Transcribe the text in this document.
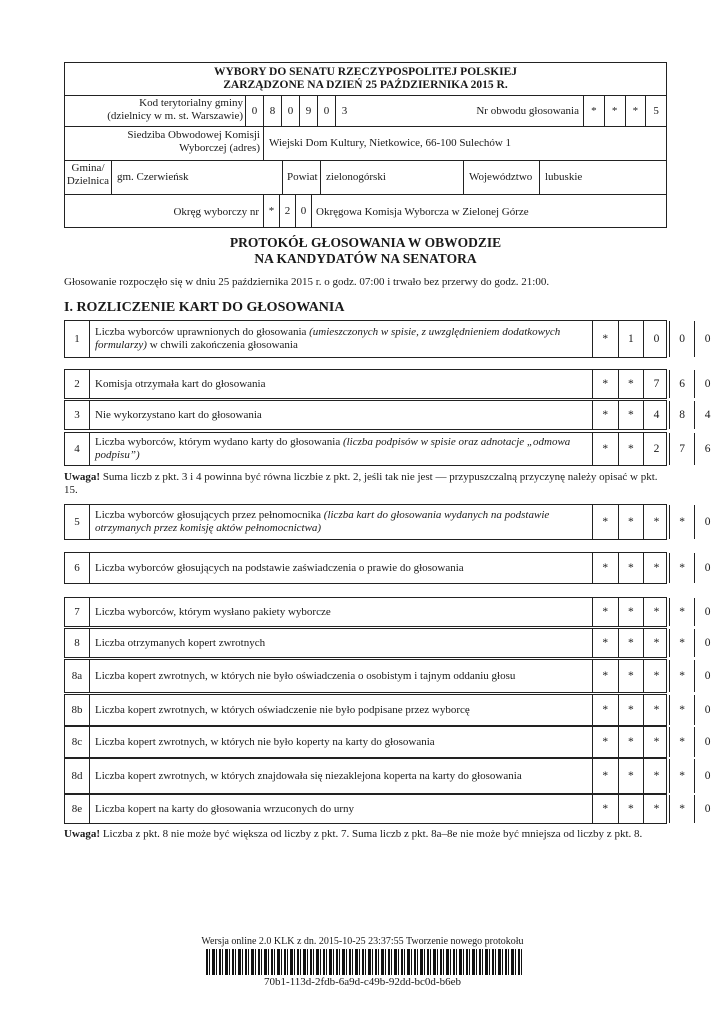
WYBORY DO SENATU RZECZYPOSPOLITEJ POLSKIEJ
ZARZĄDZONE NA DZIEŃ 25 PAŹDZIERNIKA 2015 R.
Kod terytorialny gminy
(dzielnicy w m. st. Warszawie) 0	8	0	9	0	3	Nr obwodu głosowania	*	*	*	5
Siedziba Obwodowej Komisji
Wyborczej (adres) Wiejski Dom Kultury, Nietkowice, 66-100 Sulechów 1
Gmina/
Dzielnica gm. Czerwieńsk	Powiat zielonogórski	Województwo lubuskie
Okręg wyborczy nr * 2 0 Okręgowa Komisja Wyborcza w Zielonej Górze
PROTOKÓŁ GŁOSOWANIA W OBWODZIE
NA KANDYDATÓW NA SENATORA
Głosowanie rozpoczęło się w dniu 25 października 2015 r. o godz. 07:00 i trwało bez przerwy do godz. 21:00.
I. ROZLICZENIE KART DO GŁOSOWANIA
1
Liczba wyborców uprawnionych do głosowania (umieszczonych w spisie, z uwzględnieniem dodatkowych formularzy) w chwili zakończenia głosowania	*	1	0	0	0
2	Komisja otrzymała kart do głosowania	*	*	7	6	0
3	Nie wykorzystano kart do głosowania	*	*	4	8	4
4
Liczba wyborców, którym wydano karty do głosowania (liczba podpisów w spisie oraz adnotacje „odmowa podpisu”)	*	*	2	7	6
5
Liczba wyborców głosujących przez pełnomocnika (liczba kart do głosowania wydanych na podstawie otrzymanych przez komisję aktów pełnomocnictwa)	*	*	*	*	0
6	Liczba wyborców głosujących na podstawie zaświadczenia o prawie do głosowania	*	*	*	*	0
7	Liczba wyborców, którym wysłano pakiety wyborcze	*	*	*	*	0
8	Liczba otrzymanych kopert zwrotnych	*	*	*	*	0
8a	Liczba kopert zwrotnych, w których nie było oświadczenia o osobistym i tajnym oddaniu głosu	*	*	*	*	0
8b	Liczba kopert zwrotnych, w których oświadczenie nie było podpisane przez wyborcę	*	*	*	*	0
8c	Liczba kopert zwrotnych, w których nie było koperty na karty do głosowania	*	*	*	*	0
8d	Liczba kopert zwrotnych, w których znajdowała się niezaklejona koperta na karty do głosowania	*	*	*	*	0
8e	Liczba kopert na karty do głosowania wrzuconych do urny	*	*	*	*	0
Uwaga! Suma liczb z pkt. 3 i 4 powinna być równa liczbie z pkt. 2, jeśli tak nie jest — przypuszczalną przyczynę należy opisać w pkt. 15.
Uwaga! Liczba z pkt. 8 nie może być większa od liczby z pkt. 7. Suma liczb z pkt. 8a–8e nie może być mniejsza od liczby z pkt. 8.
Wersja online 2.0 KLK z dn. 2015-10-25 23:37:55 Tworzenie nowego protokołu
70b1-113d-2fdb-6a9d-c49b-92dd-bc0d-b6eb
